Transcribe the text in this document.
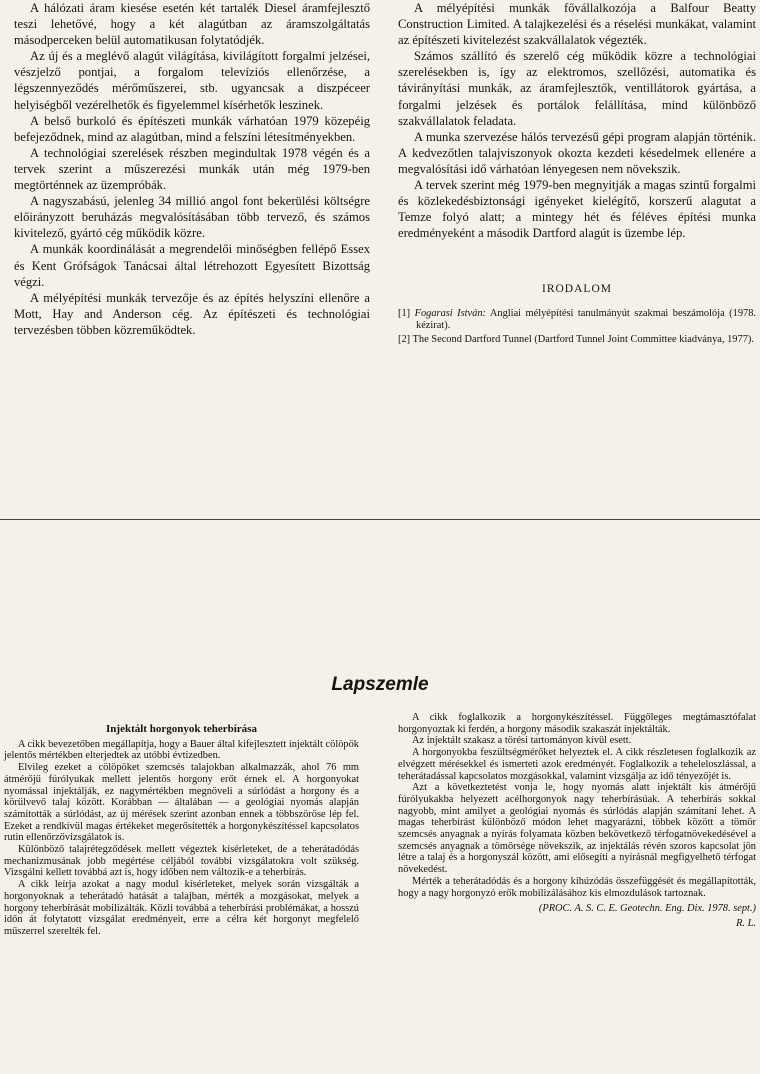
A hálózati áram kiesése esetén két tartalék Diesel áramfejlesztő teszi lehetővé, hogy a két alagútban az áramszolgáltatás másodperceken belül automatikusan folytatódjék.

Az új és a meglévő alagút világítása, kivilágított forgalmi jelzései, vészjelző pontjai, a forgalom televíziós ellenőrzése, a légszennyeződés mérőműszerei, stb. ugyancsak a diszpéceer helyiségből vezérelhetők és figyelemmel kísérhetők leszinek.

A belső burkoló és építészeti munkák várhatóan 1979 közepéig befejeződnek, mind az alagútban, mind a felszíni létesítményekben.

A technológiai szerelések részben megindultak 1978 végén és a tervek szerint a műszerezési munkák után még 1979-ben megtörténnek az üzempróbák.

A nagyszabású, jelenleg 34 millió angol font bekerülési költségre előirányzott beruházás megvalósításában több tervező, és számos kivitelező, gyártó cég működik közre.

A munkák koordinálását a megrendelői minőségben fellépő Essex és Kent Grófságok Tanácsai által létrehozott Egyesített Bizottság végzi.

A mélyépítési munkák tervezője és az építés helyszíni ellenőre a Mott, Hay and Anderson cég. Az építészeti és technológiai tervezésben többen közreműködtek.

A mélyépítési munkák fővállalkozója a Balfour Beatty Construction Limited. A talajkezelési és a réselési munkákat, valamint az építészeti kivitelezést szakvállalatok végezték.

Számos szállító és szerelő cég működik közre a technológiai szerelésekben is, így az elektromos, szellőzési, automatika és távirányítási munkák, az áramfejlesztők, ventillátorok gyártása, a forgalmi jelzések és portálok felállítása, mind különböző szakvállalatok feladata.

A munka szervezése hálós tervezésű gépi program alapján történik. A kedvezőtlen talajviszonyok okozta kezdeti késedelmek ellenére a megvalósítási idő várhatóan lényegesen nem növekszik.

A tervek szerint még 1979-ben megnyitják a magas szintű forgalmi és közlekedésbiztonsági igényeket kielégítő, korszerű alagutat a Temze folyó alatt; a mintegy hét és féléves építési munka eredményeként a második Dartford alagút is üzembe lép.

IRODALOM

[1] Fogarasi István: Angliai mélyépítési tanulmányút szakmai beszámolója (1978. kézirat).

[2] The Second Dartford Tunnel (Dartford Tunnel Joint Committee kiadványa, 1977).

Lapszemle

Injektált horgonyok teherbírása

A cikk bevezetőben megállapítja, hogy a Bauer által kifejlesztett injektált cölöpök jelentős mértékben elterjedtek az utóbbi évtizedben.

Elvileg ezeket a cölöpöket szemcsés talajokban alkalmazzák, ahol 76 mm átmérőjű fúrólyukak mellett jelentős horgony erőt érnek el. A horgonyokat nyomással injektálják, ez nagymértékben megnöveli a súrlódást a horgony és a körülvevő talaj között. Korábban — általában — a geológiai nyomás alapján számították a súrlódást, az új mérések szerint azonban ennek a többszöröse lép fel. Ezeket a rendkívül magas értékeket megerősítették a horgonykészítéssel kapcsolatos rutin ellenőrzővizsgálatok is.

Különböző talajrétegződések mellett végeztek kísérleteket, de a teherátadódás mechanizmusának jobb megértése céljából további vizsgálatokra volt szükség. Vizsgálni kellett továbbá azt is, hogy időben nem változik-e a teherbírás.

A cikk leírja azokat a nagy modul kísérleteket, melyek során vizsgálták a horgonyoknak a teherátadó hatását a talajban, mérték a mozgásokat, melyek a horgony teherbírását mobilizálták. Közli továbbá a teherbírási problémákat, a hosszú időn át folytatott vizsgálat eredményeit, erre a célra két horgonyt megfelelő műszerrel szerelték fel.

A cikk foglalkozik a horgonykészítéssel. Függőleges megtámasztófalat horgonyoztak ki ferdén, a horgony második szakaszát injektálták.

Az injektált szakasz a törési tartományon kívül esett.

A horgonyokba feszültségmérőket helyeztek el. A cikk részletesen foglalkozik az elvégzett mérésekkel és ismerteti azok eredményét. Foglalkozik a teheleloszlással, a teherátadással kapcsolatos mozgásokkal, valamint vizsgálja az idő tényezőjét is.

Azt a következtetést vonja le, hogy nyomás alatt injektált kis átmérőjű fúrólyukakba helyezett acélhorgonyok nagy teherbírásúak. A teherbírás sokkal nagyobb, mint amilyet a geológiai nyomás és súrlódás alapján számítani lehet. A magas teherbírást különböző módon lehet magyarázni, többek között a tömör szemcsés anyagnak a nyírás folyamata közben bekövetkező térfogatnövekedésével a szemcsés anyagnak a tömörsége növekszik, az injektálás révén szoros kapcsolat jön létre a talaj és a horgonyszál között, ami elősegíti a nyírásnál megfigyelhető térfogat növekedést.

Mérték a teherátadódás és a horgony kihúzódás összefüggését és megállapították, hogy a nagy horgonyzó erők mobilizálásához kis elmozdulások tartoznak.

(PROC. A. S. C. E. Geotechn. Eng. Dix. 1978. sept.)

R. L.
